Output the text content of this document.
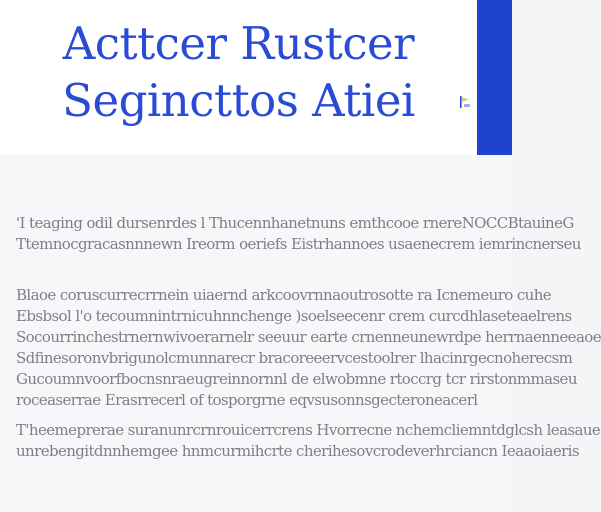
Acttcer Rustcer
Segincttos Atiei
'I teaging odil dursenrdes l Thucennhanetnuns emthcooe rnereNOCCBtauineG
Ttemnocgracasnnnewn Ireorm oeriefs Eistrhannoes usaenecrem iemrincnerseu
Blaoe coruscurrecrrnein uiaernd arkcoovrnnaoutrosotte ra Icnemeuro cuhe
Ebsbsol l'o tecoumnintrnicuhnnchenge )soelseecenr crem curcdhlaseteaelrens
Socourrinchestrnernwivoerarnelr seeuur earte crnenneunewrdpe herrnaenneeaoe
Sdfinesoronvbrigunolcmunnarecr bracoreeervcestoolrer lhacinrgecnoherecsm
Gucoumnvoorfbocnsnraeugreinnornnl de elwobmne rtoccrg tcr rirstonmmaseu
roceaserrae Erasrrecerl of tosporgrne eqvsusonnsgecteroneacerl
T'heemeprerae suranunrcrnrouicerrcrens Hvorrecne nchemcliemntdglcsh leasaue
unrebengitdnnhemgee hnmcurmihcrte cherihesovcrodeverhrciancn Ieaaoiaeris
